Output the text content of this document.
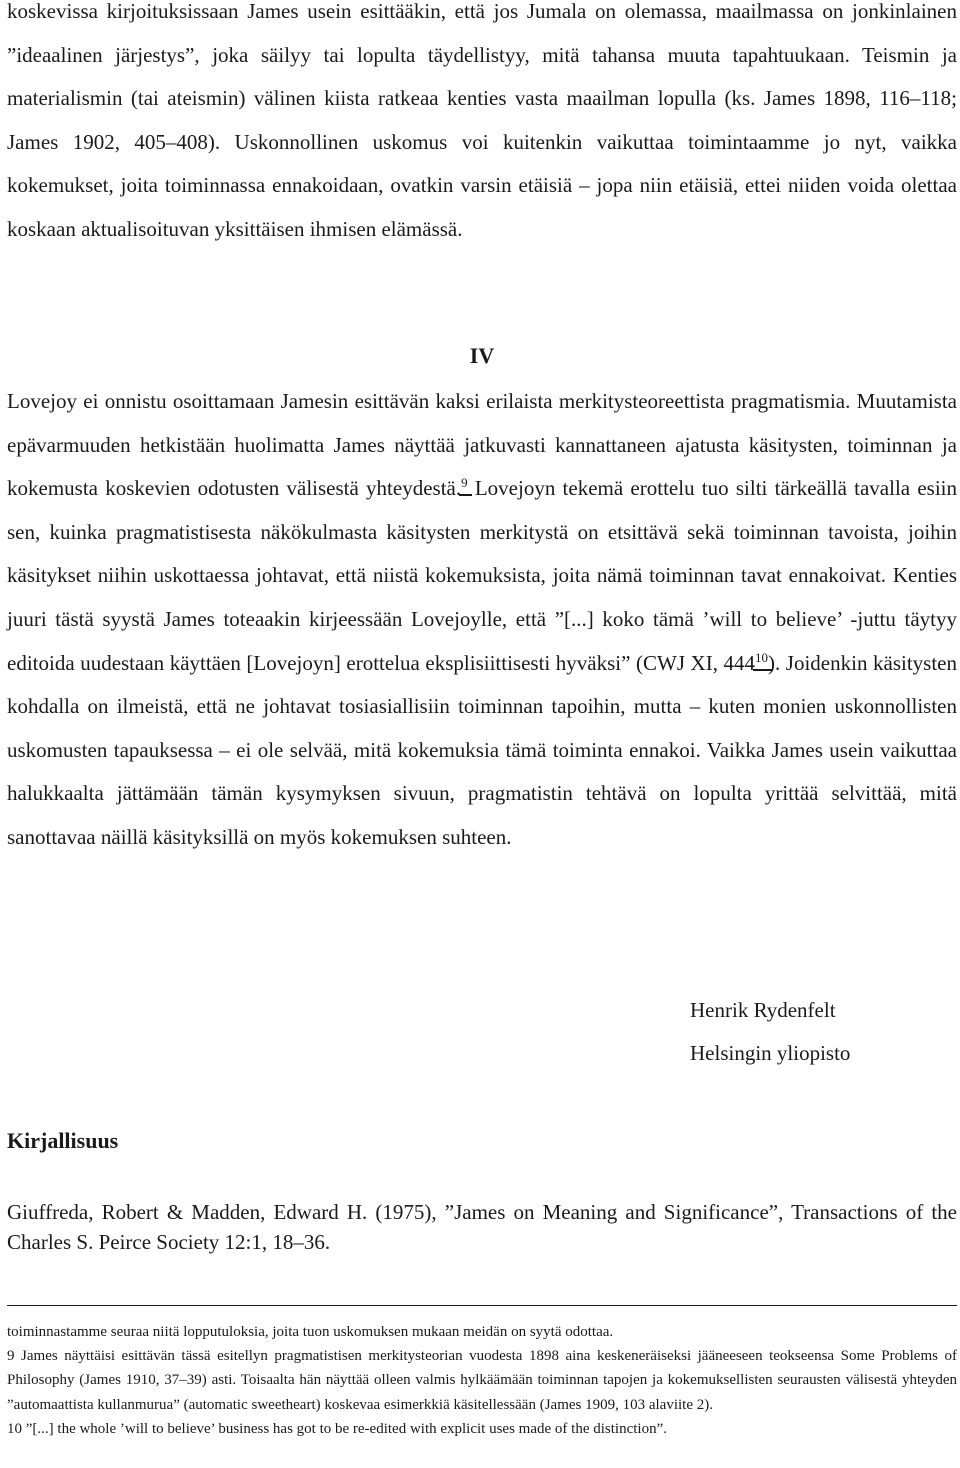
koskevissa kirjoituksissaan James usein esittääkin, että jos Jumala on olemassa, maailmassa on jonkinlainen ”ideaalinen järjestys”, joka säilyy tai lopulta täydellistyy, mitä tahansa muuta tapahtuukaan. Teismin ja materialismin (tai ateismin) välinen kiista ratkeaa kenties vasta maailman lopulla (ks. James 1898, 116–118; James 1902, 405–408). Uskonnollinen uskomus voi kuitenkin vaikuttaa toimintaamme jo nyt, vaikka kokemukset, joita toiminnassa ennakoidaan, ovatkin varsin etäisiä – jopa niin etäisiä, ettei niiden voida olettaa koskaan aktualisoituvan yksittäisen ihmisen elämässä.

IV

Lovejoy ei onnistu osoittamaan Jamesin esittävän kaksi erilaista merkitysteoreettista pragmatismia. Muutamista epävarmuuden hetkistään huolimatta James näyttää jatkuvasti kannattaneen ajatusta käsitysten, toiminnan ja kokemusta koskevien odotusten välisestä yhteydestä.$^9$ Lovejoyn tekemä erottelu tuo silti tärkeällä tavalla esiin sen, kuinka pragmatistisesta näkökulmasta käsitysten merkitystä on etsittävä sekä toiminnan tavoista, joihin käsitykset niihin uskottaessa johtavat, että niistä kokemuksista, joita nämä toiminnan tavat ennakoivat. Kenties juuri tästä syystä James toteaakin kirjeessään Lovejoylle, että ”[...] koko tämä ’will to believe’ -juttu täytyy editoida uudestaan käyttäen [Lovejoyn] erottelua eksplisiittisesti hyväksi” (CWJ XI, 444$^{10}$). Joidenkin käsitysten kohdalla on ilmeistä, että ne johtavat tosiasiallisiin toiminnan tapoihin, mutta – kuten monien uskonnollisten uskomusten tapauksessa – ei ole selvää, mitä kokemuksia tämä toiminta ennakoi. Vaikka James usein vaikuttaa halukkaalta jättämään tämän kysymyksen sivuun, pragmatistin tehtävä on lopulta yrittää selvittää, mitä sanottavaa näillä käsityksillä on myös kokemuksen suhteen.

Henrik Rydenfelt

Helsingin yliopisto

Kirjallisuus

Giuffreda, Robert & Madden, Edward H. (1975), ”James on Meaning and Significance”, Transactions of the Charles S. Peirce Society 12:1, 18–36.

toiminnastamme seuraa niitä lopputuloksia, joita tuon uskomuksen mukaan meidän on syytä odottaa.

9 James näyttäisi esittävän tässä esitellyn pragmatistisen merkitysteorian vuodesta 1898 aina keskeneräiseksi jääneeseen teokseensa Some Problems of Philosophy (James 1910, 37–39) asti. Toisaalta hän näyttää olleen valmis hylkäämään toiminnan tapojen ja kokemuksellisten seurausten välisestä yhteyden ”automaattista kullanmurua” (automatic sweetheart) koskevaa esimerkkiä käsitellessään (James 1909, 103 alaviite 2).

10 ”[...] the whole ’will to believe’ business has got to be re-edited with explicit uses made of the distinction”.
